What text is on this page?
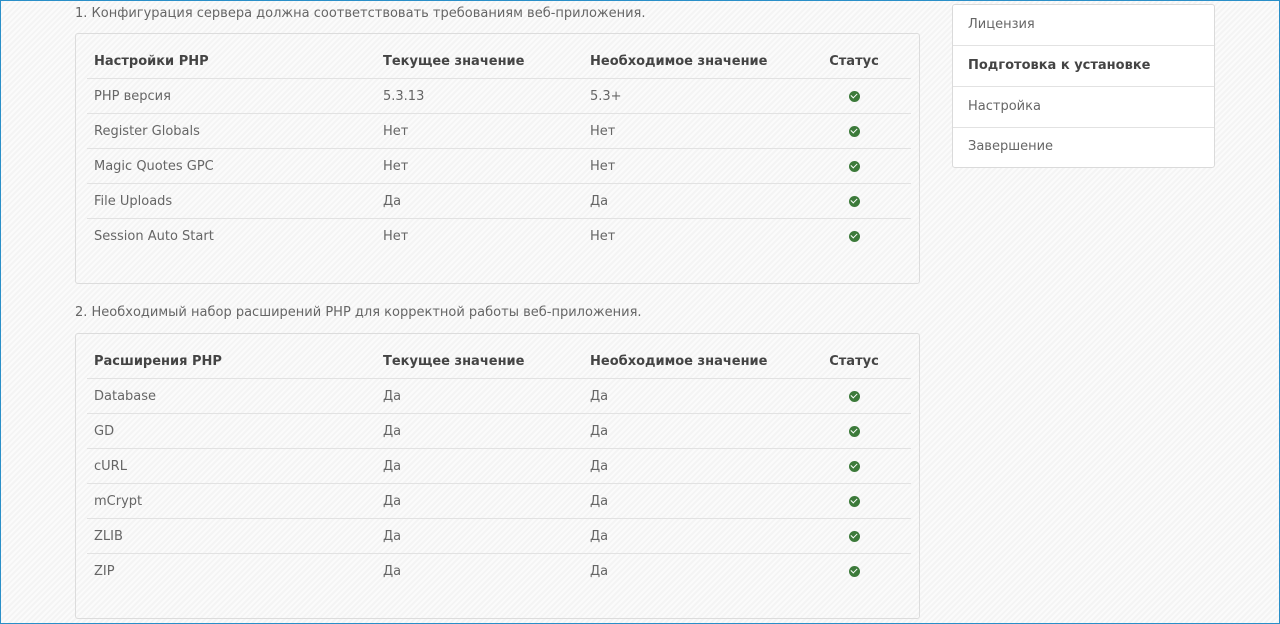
1. Конфигурация сервера должна соответствовать требованиям веб-приложения.
Настройки PHP	Текущее значение	Необходимое значение	Статус
PHP версия	5.3.13	5.3+	
Register Globals	Нет	Нет	
Magic Quotes GPC	Нет	Нет	
File Uploads	Да	Да	
Session Auto Start	Нет	Нет	
2. Необходимый набор расширений PHP для корректной работы веб-приложения.
Расширения PHP	Текущее значение	Необходимое значение	Статус
Database	Да	Да	
GD	Да	Да	
cURL	Да	Да	
mCrypt	Да	Да	
ZLIB	Да	Да	
ZIP	Да	Да	
Лицензия
Подготовка к установке
Настройка
Завершение
